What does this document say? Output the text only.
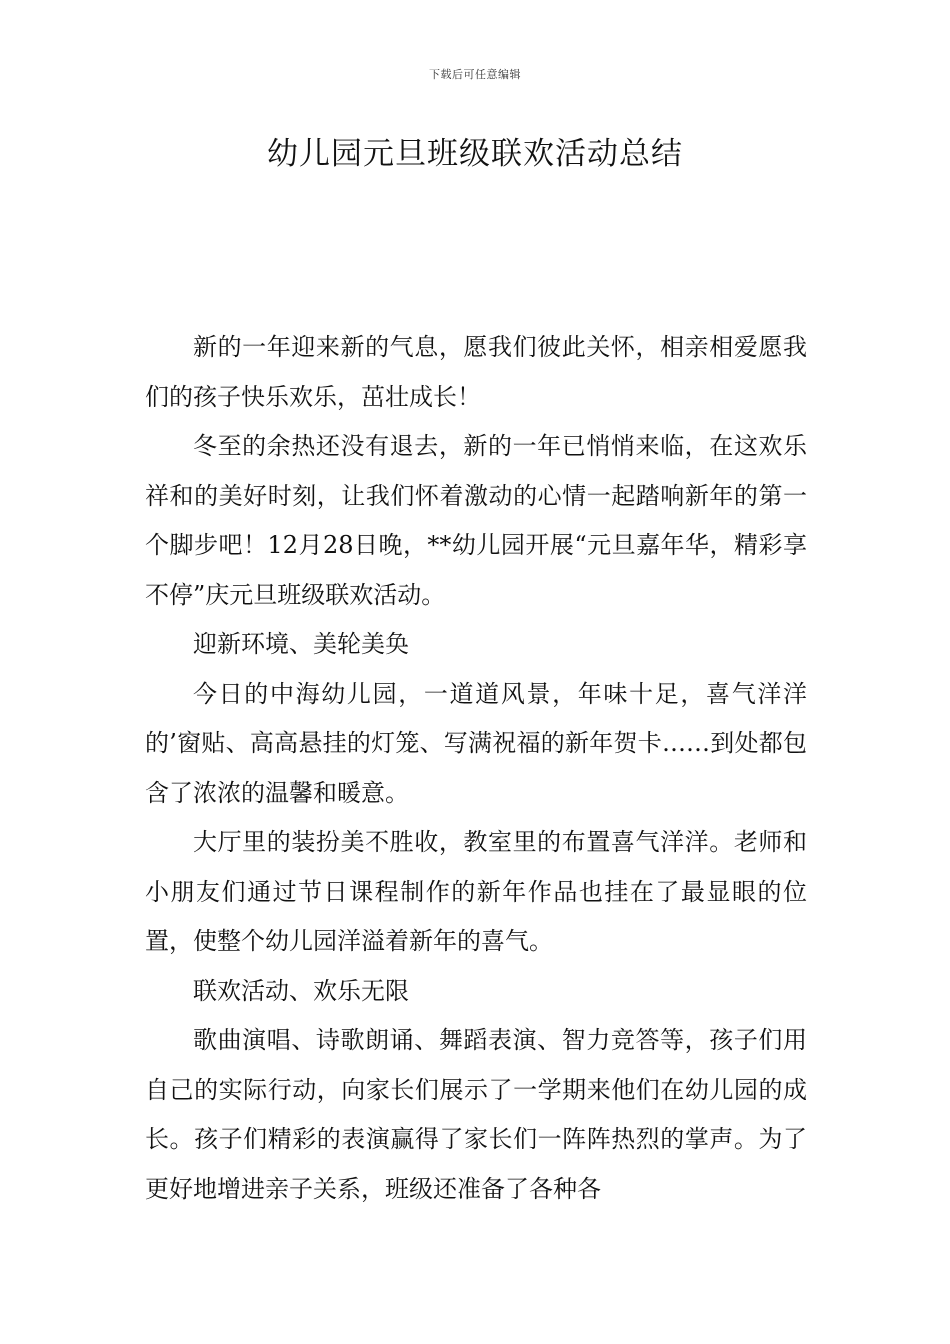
下载后可任意编辑
幼儿园元旦班级联欢活动总结

新的一年迎来新的气息，愿我们彼此关怀，相亲相爱愿我们的孩子快乐欢乐，茁壮成长！

冬至的余热还没有退去，新的一年已悄悄来临，在这欢乐祥和的美好时刻，让我们怀着激动的心情一起踏响新年的第一个脚步吧！12月28日晚，**幼儿园开展“元旦嘉年华，精彩享不停”庆元旦班级联欢活动。

迎新环境、美轮美奂

今日的中海幼儿园，一道道风景，年味十足，喜气洋洋的’窗贴、高高悬挂的灯笼、写满祝福的新年贺卡……到处都包含了浓浓的温馨和暖意。

大厅里的装扮美不胜收，教室里的布置喜气洋洋。老师和小朋友们通过节日课程制作的新年作品也挂在了最显眼的位置，使整个幼儿园洋溢着新年的喜气。

联欢活动、欢乐无限

歌曲演唱、诗歌朗诵、舞蹈表演、智力竞答等，孩子们用自己的实际行动，向家长们展示了一学期来他们在幼儿园的成长。孩子们精彩的表演赢得了家长们一阵阵热烈的掌声。为了更好地增进亲子关系，班级还准备了各种各
